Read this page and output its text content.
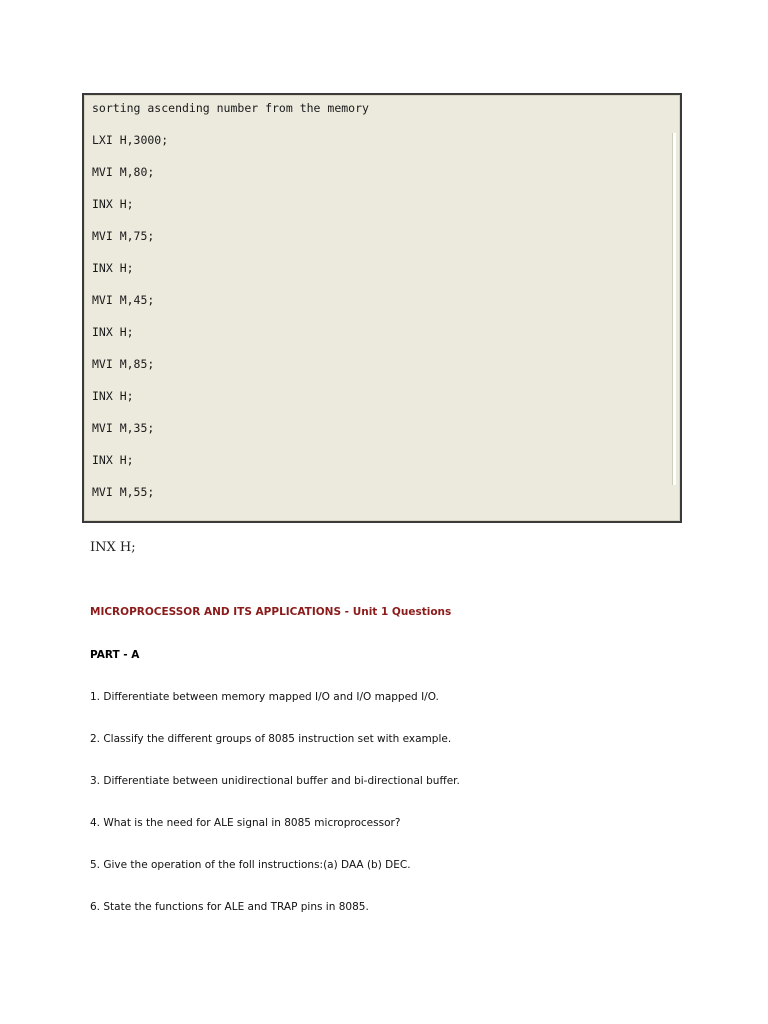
sorting ascending number from the memory
LXI H,3000;
MVI M,80;
INX H;
MVI M,75;
INX H;
MVI M,45;
INX H;
MVI M,85;
INX H;
MVI M,35;
INX H;
MVI M,55;
INX H;
MICROPROCESSOR AND ITS APPLICATIONS - Unit 1 Questions
PART - A
1. Differentiate between memory mapped I/O and I/O mapped I/O.
2. Classify the different groups of 8085 instruction set with example.
3. Differentiate between unidirectional buffer and bi-directional buffer.
4. What is the need for ALE signal in 8085 microprocessor?
5. Give the operation of the foll instructions:(a) DAA (b) DEC.
6. State the functions for ALE and TRAP pins in 8085.
